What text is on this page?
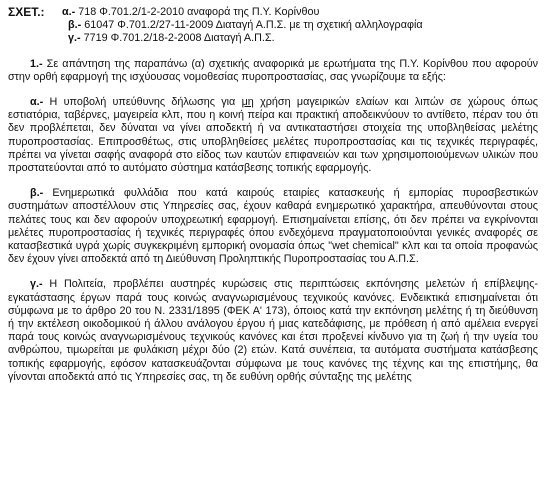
ΣΧΕΤ.:	α.- 718 Φ.701.2/1-2-2010 αναφορά της Π.Υ. Κορίνθου
β.- 61047 Φ.701.2/27-11-2009 Διαταγή Α.Π.Σ. με τη σχετική αλληλογραφία
γ.- 7719 Φ.701.2/18-2-2008 Διαταγή Α.Π.Σ.

1.- Σε απάντηση της παραπάνω (α) σχετικής αναφορικά με ερωτήματα της Π.Υ. Κορίνθου που αφορούν στην ορθή εφαρμογή της ισχύουσας νομοθεσίας πυροπροστασίας, σας γνωρίζουμε τα εξής:

α.- Η υποβολή υπεύθυνης δήλωσης για μη χρήση μαγειρικών ελαίων και λιπών σε χώρους όπως εστιατόρια, ταβέρνες, μαγειρεία κλπ, που η κοινή πείρα και πρακτική αποδεικνύουν το αντίθετο, πέραν του ότι δεν προβλέπεται, δεν δύναται να γίνει αποδεκτή ή να αντικαταστήσει στοιχεία της υποβληθείσας μελέτης πυροπροστασίας. Επιπροσθέτως, στις υποβληθείσες μελέτες πυροπροστασίας και τις τεχνικές περιγραφές, πρέπει να γίνεται σαφής αναφορά στο είδος των καυτών επιφανειών και των χρησιμοποιούμενων υλικών που προστατεύονται από το αυτόματο σύστημα κατάσβεσης τοπικής εφαρμογής.

β.- Ενημερωτικά φυλλάδια που κατά καιρούς εταιρίες κατασκευής ή εμπορίας πυροσβεστικών συστημάτων αποστέλλουν στις Υπηρεσίες σας, έχουν καθαρά ενημερωτικό χαρακτήρα, απευθύνονται στους πελάτες τους και δεν αφορούν υποχρεωτική εφαρμογή. Επισημαίνεται επίσης, ότι δεν πρέπει να εγκρίνονται μελέτες πυροπροστασίας ή τεχνικές περιγραφές όπου ενδεχόμενα πραγματοποιούνται γενικές αναφορές σε κατασβεστικά υγρά χωρίς συγκεκριμένη εμπορική ονομασία όπως "wet chemical" κλπ και τα οποία προφανώς δεν έχουν γίνει αποδεκτά από τη Διεύθυνση Προληπτικής Πυροπροστασίας του Α.Π.Σ.

γ.- Η Πολιτεία, προβλέπει αυστηρές κυρώσεις στις περιπτώσεις εκπόνησης μελετών ή επίβλεψης- εγκατάστασης έργων παρά τους κοινώς αναγνωρισμένους τεχνικούς κανόνες. Ενδεικτικά επισημαίνεται ότι σύμφωνα με το άρθρο 20 του Ν. 2331/1895 (ΦΕΚ Α' 173), όποιος κατά την εκπόνηση μελέτης ή τη διεύθυνση ή την εκτέλεση οικοδομικού ή άλλου ανάλογου έργου ή μιας κατεδάφισης, με πρόθεση ή από αμέλεια ενεργεί παρά τους κοινώς αναγνωρισμένους τεχνικούς κανόνες και έτσι προξενεί κίνδυνο για τη ζωή ή την υγεία του ανθρώπου, τιμωρείται με φυλάκιση μέχρι δύο (2) ετών. Κατά συνέπεια, τα αυτόματα συστήματα κατάσβεσης τοπικής εφαρμογής, εφόσον κατασκευάζονται σύμφωνα με τους κανόνες της τέχνης και της επιστήμης, θα γίνονται αποδεκτά από τις Υπηρεσίες σας, τη δε ευθύνη ορθής σύνταξης της μελέτης
